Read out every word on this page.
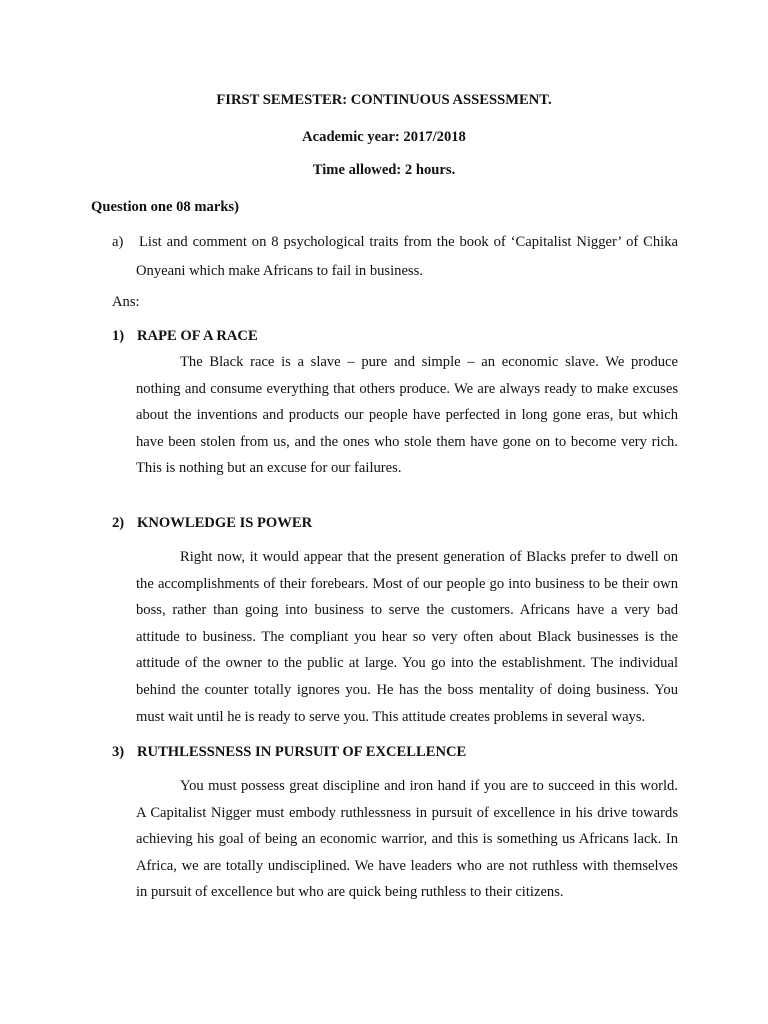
FIRST SEMESTER: CONTINUOUS ASSESSMENT.
Academic year: 2017/2018
Time allowed: 2 hours.
Question one 08 marks)
a) List and comment on 8 psychological traits from the book of ‘Capitalist Nigger’ of Chika Onyeani which make Africans to fail in business.
Ans:
1) RAPE OF A RACE
The Black race is a slave – pure and simple – an economic slave. We produce nothing and consume everything that others produce. We are always ready to make excuses about the inventions and products our people have perfected in long gone eras, but which have been stolen from us, and the ones who stole them have gone on to become very rich. This is nothing but an excuse for our failures.
2) KNOWLEDGE IS POWER
Right now, it would appear that the present generation of Blacks prefer to dwell on the accomplishments of their forebears. Most of our people go into business to be their own boss, rather than going into business to serve the customers. Africans have a very bad attitude to business. The compliant you hear so very often about Black businesses is the attitude of the owner to the public at large. You go into the establishment. The individual behind the counter totally ignores you. He has the boss mentality of doing business. You must wait until he is ready to serve you. This attitude creates problems in several ways.
3) RUTHLESSNESS IN PURSUIT OF EXCELLENCE
You must possess great discipline and iron hand if you are to succeed in this world. A Capitalist Nigger must embody ruthlessness in pursuit of excellence in his drive towards achieving his goal of being an economic warrior, and this is something us Africans lack. In Africa, we are totally undisciplined. We have leaders who are not ruthless with themselves in pursuit of excellence but who are quick being ruthless to their citizens.
